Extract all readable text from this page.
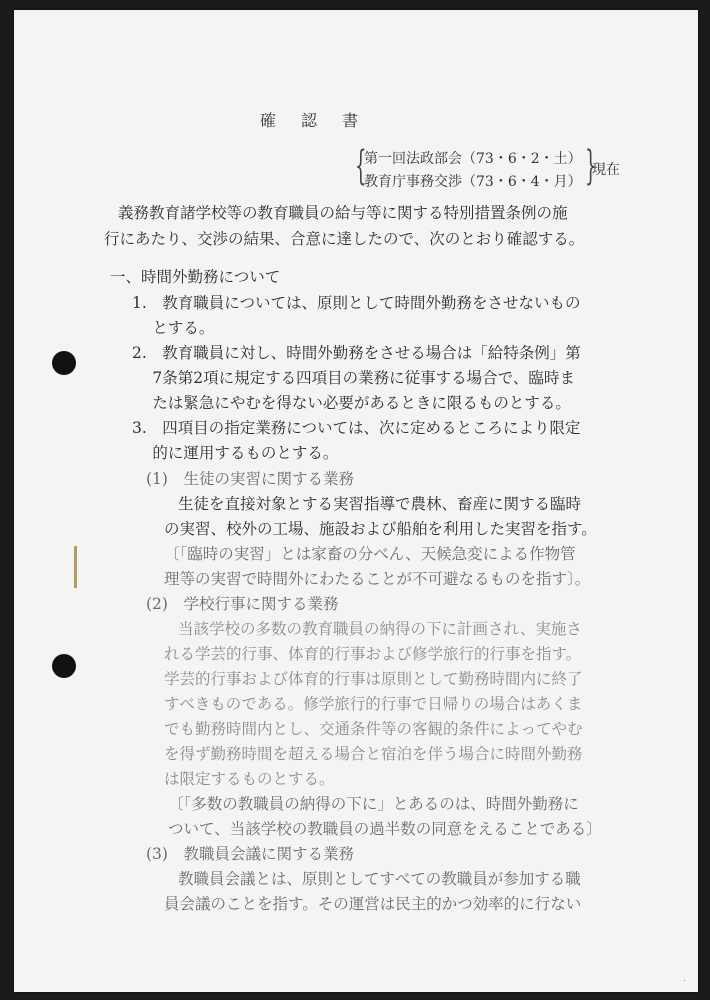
確 認 書
{
第一回法政部会（73・6・2・土）
教育庁事務交渉（73・6・4・月） }
現在
義務教育諸学校等の教育職員の給与等に関する特別措置条例の施
行にあたり、交渉の結果、合意に達したので、次のとおり確認する。
一、時間外勤務について
1.　教育職員については、原則として時間外勤務をさせないもの
　 とする。
2.　教育職員に対し、時間外勤務をさせる場合は「給特条例」第
　 7条第2項に規定する四項目の業務に従事する場合で、臨時ま
　 たは緊急にやむを得ない必要があるときに限るものとする。
3.　四項目の指定業務については、次に定めるところにより限定
　 的に運用するものとする。
(1)　生徒の実習に関する業務
生徒を直接対象とする実習指導で農林、畜産に関する臨時
の実習、校外の工場、施設および船舶を利用した実習を指す。
〔「臨時の実習」とは家畜の分べん、天候急変による作物管
理等の実習で時間外にわたることが不可避なるものを指す〕。
(2)　学校行事に関する業務
当該学校の多数の教育職員の納得の下に計画され、実施さ
れる学芸的行事、体育的行事および修学旅行的行事を指す。
学芸的行事および体育的行事は原則として勤務時間内に終了
すべきものである。修学旅行的行事で日帰りの場合はあくま
でも勤務時間内とし、交通条件等の客観的条件によってやむ
を得ず勤務時間を超える場合と宿泊を伴う場合に時間外勤務
は限定するものとする。
〔「多数の教職員の納得の下に」とあるのは、時間外勤務に
ついて、当該学校の教職員の過半数の同意をえることである〕
(3)　教職員会議に関する業務
教職員会議とは、原則としてすべての教職員が参加する職
員会議のことを指す。その運営は民主的かつ効率的に行ない
.
